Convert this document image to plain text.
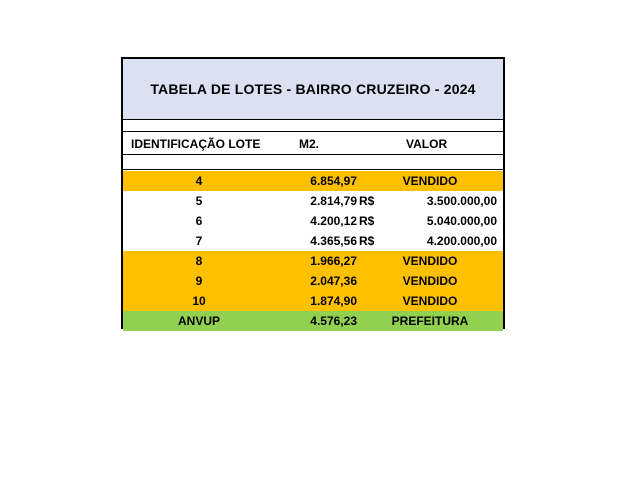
TABELA DE LOTES - BAIRRO CRUZEIRO - 2024
IDENTIFICAÇÃO LOTE	M2.	VALOR
4	6.854,97	VENDIDO
5	2.814,79 R$	3.500.000,00
6	4.200,12 R$	5.040.000,00
7	4.365,56 R$	4.200.000,00
8	1.966,27	VENDIDO
9	2.047,36	VENDIDO
10	1.874,90	VENDIDO
ANVUP	4.576,23	PREFEITURA
